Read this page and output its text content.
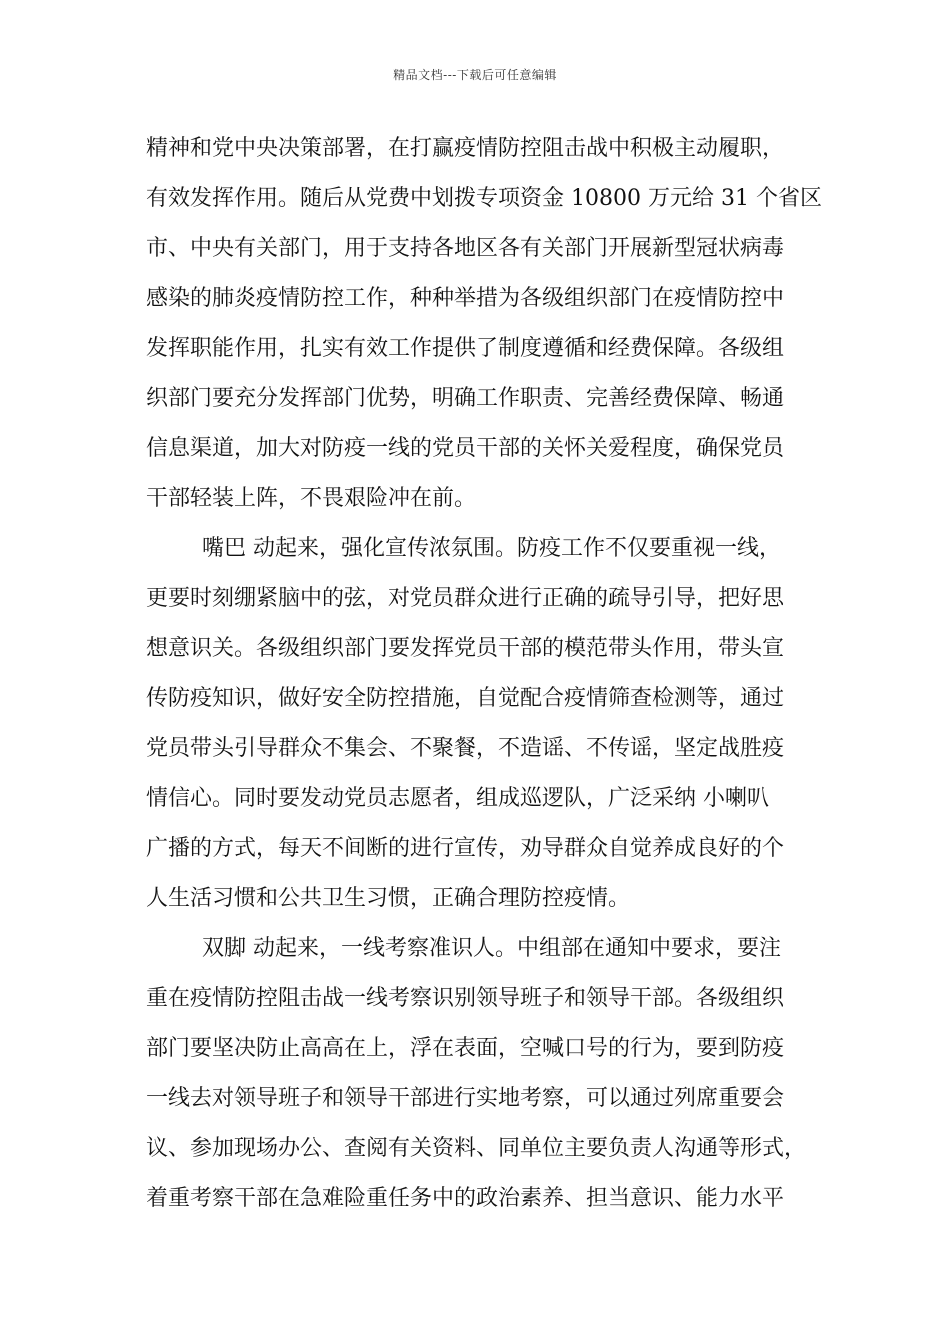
精品文档---下载后可任意编辑
精神和党中央决策部署，在打赢疫情防控阻击战中积极主动履职，
有效发挥作用。随后从党费中划拨专项资金 10800 万元给 31 个省区
市、中央有关部门，用于支持各地区各有关部门开展新型冠状病毒
感染的肺炎疫情防控工作，种种举措为各级组织部门在疫情防控中
发挥职能作用，扎实有效工作提供了制度遵循和经费保障。各级组
织部门要充分发挥部门优势，明确工作职责、完善经费保障、畅通
信息渠道，加大对防疫一线的党员干部的关怀关爱程度，确保党员
干部轻装上阵，不畏艰险冲在前。
嘴巴 动起来，强化宣传浓氛围。防疫工作不仅要重视一线，
更要时刻绷紧脑中的弦，对党员群众进行正确的疏导引导，把好思
想意识关。各级组织部门要发挥党员干部的模范带头作用，带头宣
传防疫知识，做好安全防控措施，自觉配合疫情筛查检测等，通过
党员带头引导群众不集会、不聚餐，不造谣、不传谣，坚定战胜疫
情信心。同时要发动党员志愿者，组成巡逻队，广泛采纳 小喇叭
广播的方式，每天不间断的进行宣传，劝导群众自觉养成良好的个
人生活习惯和公共卫生习惯，正确合理防控疫情。
双脚 动起来，一线考察准识人。中组部在通知中要求，要注
重在疫情防控阻击战一线考察识别领导班子和领导干部。各级组织
部门要坚决防止高高在上，浮在表面，空喊口号的行为，要到防疫
一线去对领导班子和领导干部进行实地考察，可以通过列席重要会
议、参加现场办公、查阅有关资料、同单位主要负责人沟通等形式，
着重考察干部在急难险重任务中的政治素养、担当意识、能力水平
